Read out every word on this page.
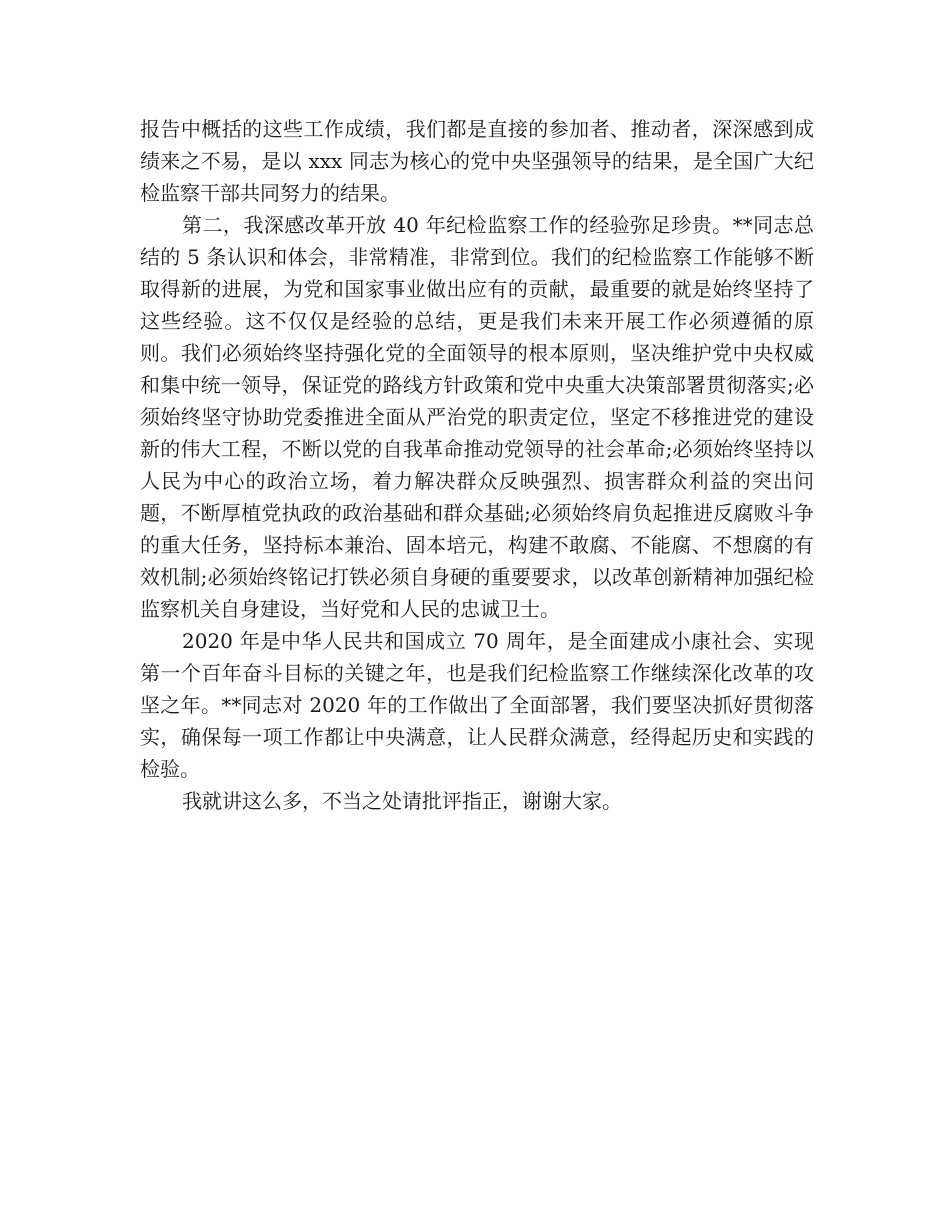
报告中概括的这些工作成绩，我们都是直接的参加者、推动者，深深感到成绩来之不易，是以 xxx 同志为核心的党中央坚强领导的结果，是全国广大纪检监察干部共同努力的结果。

第二，我深感改革开放 40 年纪检监察工作的经验弥足珍贵。**同志总结的 5 条认识和体会，非常精准，非常到位。我们的纪检监察工作能够不断取得新的进展，为党和国家事业做出应有的贡献，最重要的就是始终坚持了这些经验。这不仅仅是经验的总结，更是我们未来开展工作必须遵循的原则。我们必须始终坚持强化党的全面领导的根本原则，坚决维护党中央权威和集中统一领导，保证党的路线方针政策和党中央重大决策部署贯彻落实;必须始终坚守协助党委推进全面从严治党的职责定位，坚定不移推进党的建设新的伟大工程，不断以党的自我革命推动党领导的社会革命;必须始终坚持以人民为中心的政治立场，着力解决群众反映强烈、损害群众利益的突出问题，不断厚植党执政的政治基础和群众基础;必须始终肩负起推进反腐败斗争的重大任务，坚持标本兼治、固本培元，构建不敢腐、不能腐、不想腐的有效机制;必须始终铭记打铁必须自身硬的重要要求，以改革创新精神加强纪检监察机关自身建设，当好党和人民的忠诚卫士。

2020 年是中华人民共和国成立 70 周年，是全面建成小康社会、实现第一个百年奋斗目标的关键之年，也是我们纪检监察工作继续深化改革的攻坚之年。**同志对 2020 年的工作做出了全面部署，我们要坚决抓好贯彻落实，确保每一项工作都让中央满意，让人民群众满意，经得起历史和实践的检验。

我就讲这么多，不当之处请批评指正，谢谢大家。
